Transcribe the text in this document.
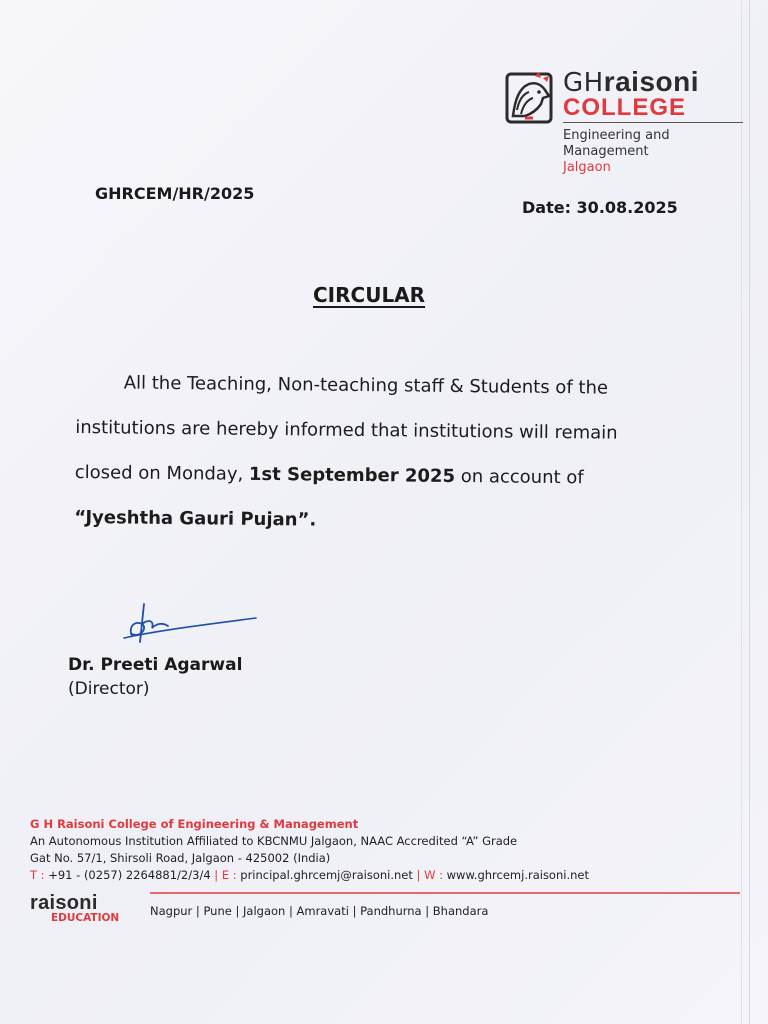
GHraisoni
COLLEGE
Engineering and
Management
Jalgaon
GHRCEM/HR/2025
Date: 30.08.2025
CIRCULAR

All the Teaching, Non-teaching staff & Students of the

institutions are hereby informed that institutions will remain

closed on Monday, 1st September 2025 on account of

“Jyeshtha Gauri Pujan”.

Dr. Preeti Agarwal
(Director)
G H Raisoni College of Engineering & Management
An Autonomous Institution Affiliated to KBCNMU Jalgaon, NAAC Accredited “A” Grade
Gat No. 57/1, Shirsoli Road, Jalgaon - 425002 (India)
T : +91 - (0257) 2264881/2/3/4 | E : principal.ghrcemj@raisoni.net | W : www.ghrcemj.raisoni.net
raisoni
EDUCATION	Nagpur | Pune | Jalgaon | Amravati | Pandhurna | Bhandara
